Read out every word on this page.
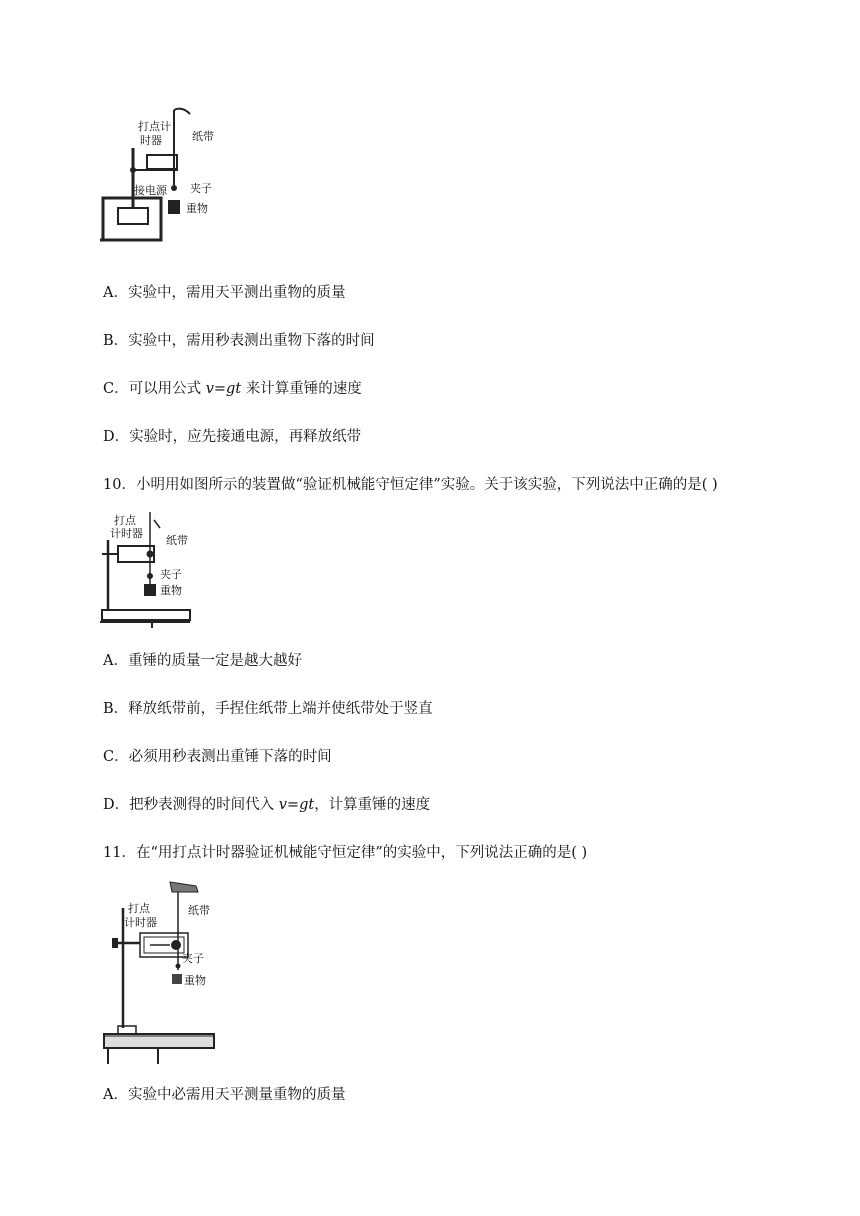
打点计
时器	纸带
夹子
接电源
重物
A．实验中，需用天平测出重物的质量
B．实验中，需用秒表测出重物下落的时间
C．可以用公式 v=gt 来计算重锤的速度
D．实验时，应先接通电源，再释放纸带
10．小明用如图所示的装置做“验证机械能守恒定律”实验。关于该实验，下列说法中正确的是( )
打点
计时器
纸带
夹子
重物
A．重锤的质量一定是越大越好
B．释放纸带前，手捏住纸带上端并使纸带处于竖直
C．必须用秒表测出重锤下落的时间
D．把秒表测得的时间代入 v=gt，计算重锤的速度
11．在“用打点计时器验证机械能守恒定律”的实验中，下列说法正确的是( )
打点
计时器
纸带
夹子
重物
A．实验中必需用天平测量重物的质量
